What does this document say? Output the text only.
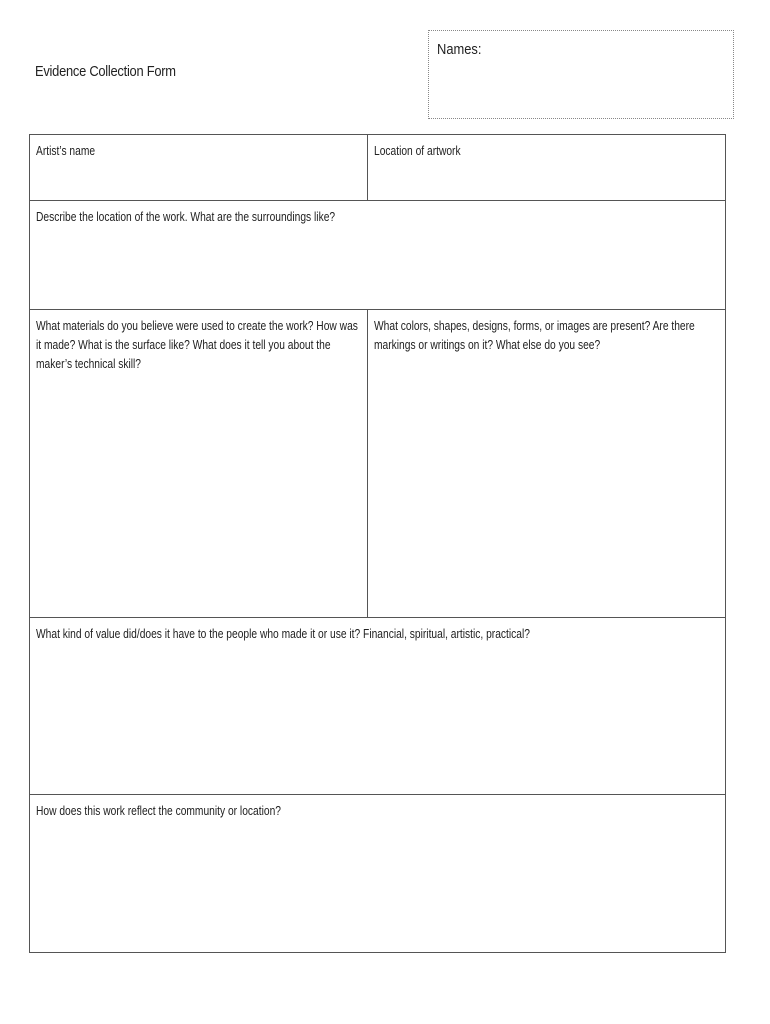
Evidence Collection Form
Names:
Artist’s name	Location of artwork
Describe the location of the work. What are the surroundings like?
What materials do you believe were used to create the work? How was it made? What is the surface like? What does it tell you about the maker’s technical skill?
What colors, shapes, designs, forms, or images are present? Are there markings or writings on it? What else do you see?
What kind of value did/does it have to the people who made it or use it? Financial, spiritual, artistic, practical?
How does this work reflect the community or location?
